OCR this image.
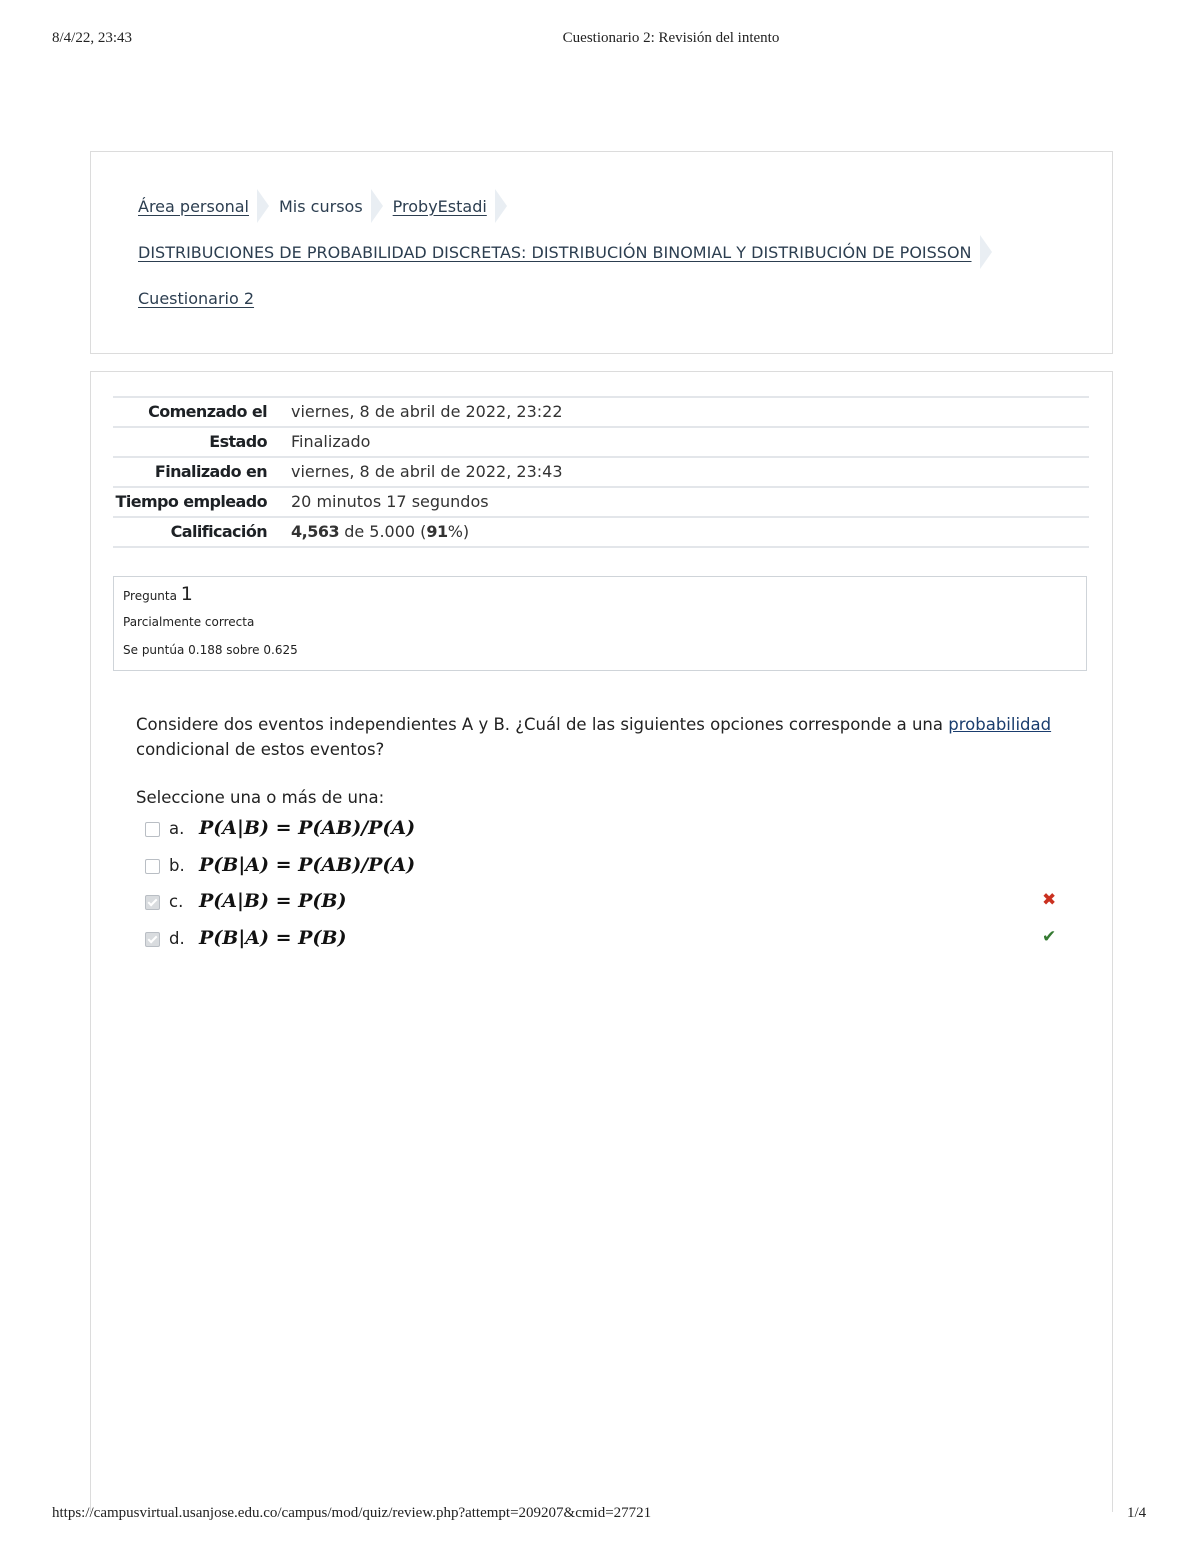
8/4/22, 23:43	Cuestionario 2: Revisión del intento
Área personal Mis cursos ProbyEstadi
DISTRIBUCIONES DE PROBABILIDAD DISCRETAS: DISTRIBUCIÓN BINOMIAL Y DISTRIBUCIÓN DE POISSON
Cuestionario 2
Comenzado el	viernes, 8 de abril de 2022, 23:22
Estado	Finalizado
Finalizado en	viernes, 8 de abril de 2022, 23:43
Tiempo empleado	20 minutos 17 segundos
Calificación	4,563 de 5.000 (91%)
Pregunta 1
Parcialmente correcta
Se puntúa 0.188 sobre 0.625
Considere dos eventos independientes A y B. ¿Cuál de las siguientes opciones corresponde a una probabilidad condicional de estos eventos?
Seleccione una o más de una:
a. P(A|B) = P(AB)/P(A)
b. P(B|A) = P(AB)/P(A)
c. P(A|B) = P(B)	✖
d. P(B|A) = P(B)	✔
https://campusvirtual.usanjose.edu.co/campus/mod/quiz/review.php?attempt=209207&cmid=27721	1/4
